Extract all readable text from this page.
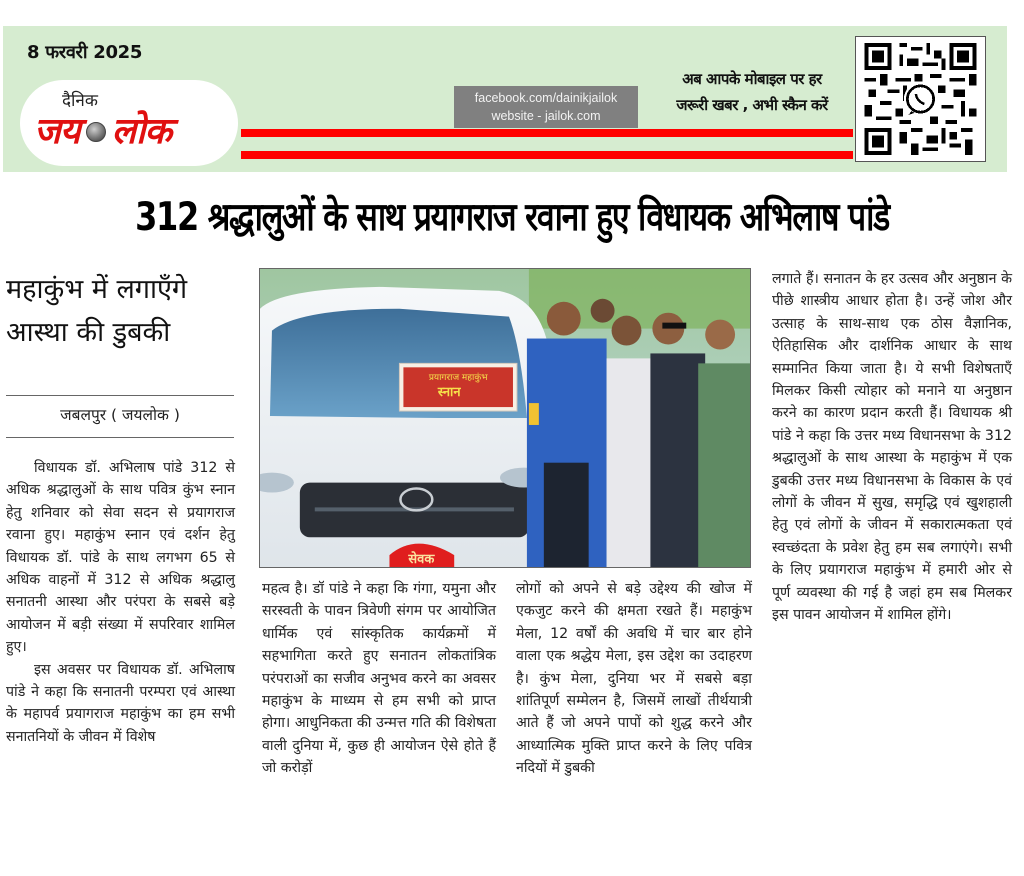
8 फरवरी 2025
दैनिक
जय लोक
facebook.com/dainikjailok
website - jailok.com
अब आपके मोबाइल पर हर
जरूरी खबर , अभी स्कैन करें
312 श्रद्धालुओं के साथ प्रयागराज रवाना हुए विधायक अभिलाष पांडे
महाकुंभ में लगाएँगे आस्था की डुबकी
जबलपुर ( जयलोक )

विधायक डॉ. अभिलाष पांडे 312 से अधिक श्रद्धालुओं के साथ पवित्र कुंभ स्नान हेतु शनिवार को सेवा सदन से प्रयागराज रवाना हुए। महाकुंभ स्नान एवं दर्शन हेतु विधायक डॉ. पांडे के साथ लगभग 65 से अधिक वाहनों में 312 से अधिक श्रद्धालु सनातनी आस्था और परंपरा के सबसे बड़े आयोजन में बड़ी संख्या में सपरिवार शामिल हुए।

इस अवसर पर विधायक डॉ. अभिलाष पांडे ने कहा कि सनातनी परम्परा एवं आस्था के महापर्व प्रयागराज महाकुंभ का हम सभी सनातनियों के जीवन में विशेष

प्रयागराज महाकुंभ
स्नान
सेवक
महत्व है। डॉ पांडे ने कहा कि गंगा, यमुना और सरस्वती के पावन त्रिवेणी संगम पर आयोजित धार्मिक एवं सांस्कृतिक कार्यक्रमों में सहभागिता करते हुए सनातन लोकतांत्रिक परंपराओं का सजीव अनुभव करने का अवसर महाकुंभ के माध्यम से हम सभी को प्राप्त होगा। आधुनिकता की उन्मत्त गति की विशेषता वाली दुनिया में, कुछ ही आयोजन ऐसे होते हैं जो करोड़ों
लोगों को अपने से बड़े उद्देश्य की खोज में एकजुट करने की क्षमता रखते हैं। महाकुंभ मेला, 12 वर्षों की अवधि में चार बार होने वाला एक श्रद्धेय मेला, इस उद्देश का उदाहरण है। कुंभ मेला, दुनिया भर में सबसे बड़ा शांतिपूर्ण सम्मेलन है, जिसमें लाखों तीर्थयात्री आते हैं जो अपने पापों को शुद्ध करने और आध्यात्मिक मुक्ति प्राप्त करने के लिए पवित्र नदियों में डुबकी
लगाते हैं। सनातन के हर उत्सव और अनुष्ठान के पीछे शास्त्रीय आधार होता है। उन्हें जोश और उत्साह के साथ-साथ एक ठोस वैज्ञानिक, ऐतिहासिक और दार्शनिक आधार के साथ सम्मानित किया जाता है। ये सभी विशेषताएँ मिलकर किसी त्योहार को मनाने या अनुष्ठान करने का कारण प्रदान करती हैं। विधायक श्री पांडे ने कहा कि उत्तर मध्य विधानसभा के 312 श्रद्धालुओं के साथ आस्था के महाकुंभ में एक डुबकी उत्तर मध्य विधानसभा के विकास के एवं लोगों के जीवन में सुख, समृद्धि एवं खुशहाली हेतु एवं लोगों के जीवन में सकारात्मकता एवं स्वच्छंदता के प्रवेश हेतु हम सब लगाएंगे। सभी के लिए प्रयागराज महाकुंभ में हमारी ओर से पूर्ण व्यवस्था की गई है जहां हम सब मिलकर इस पावन आयोजन में शामिल होंगे।
